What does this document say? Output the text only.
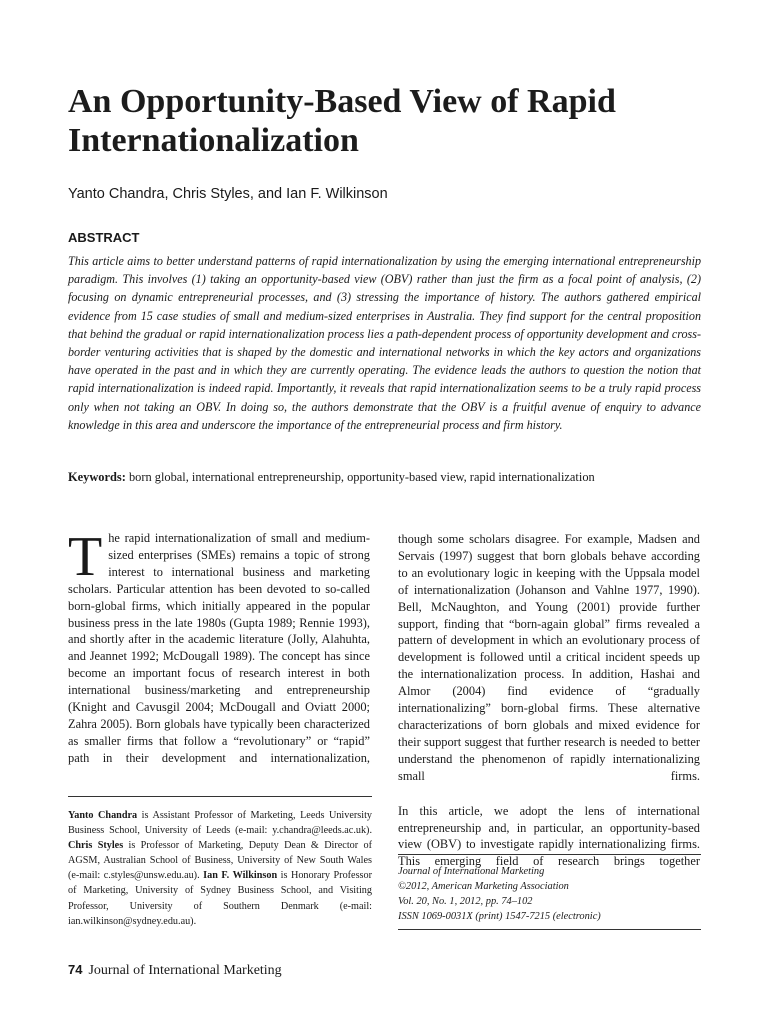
An Opportunity-Based View of Rapid Internationalization
Yanto Chandra, Chris Styles, and Ian F. Wilkinson
ABSTRACT

This article aims to better understand patterns of rapid internationalization by using the emerging international entrepreneurship paradigm. This involves (1) taking an opportunity-based view (OBV) rather than just the firm as a focal point of analysis, (2) focusing on dynamic entrepreneurial processes, and (3) stressing the importance of history. The authors gathered empirical evidence from 15 case studies of small and medium-sized enterprises in Australia. They find support for the central proposition that behind the gradual or rapid internationalization process lies a path-dependent process of opportunity development and cross-border venturing activities that is shaped by the domestic and international networks in which the key actors and organizations have operated in the past and in which they are currently operating. The evidence leads the authors to question the notion that rapid internationalization is indeed rapid. Importantly, it reveals that rapid internationalization seems to be a truly rapid process only when not taking an OBV. In doing so, the authors demonstrate that the OBV is a fruitful avenue of enquiry to advance knowledge in this area and underscore the importance of the entrepreneurial process and firm history.

Keywords: born global, international entrepreneurship, opportunity-based view, rapid internationalization

The rapid internationalization of small and medium-sized enterprises (SMEs) remains a topic of strong interest to international business and marketing scholars. Particular attention has been devoted to so-called born-global firms, which initially appeared in the popular business press in the late 1980s (Gupta 1989; Rennie 1993), and shortly after in the academic literature (Jolly, Alahuhta, and Jeannet 1992; McDougall 1989). The concept has since become an important focus of research interest in both international business/marketing and entrepreneurship (Knight and Cavusgil 2004; McDougall and Oviatt 2000; Zahra 2005). Born globals have typically been characterized as smaller firms that follow a “revolutionary” or “rapid” path in their development and internationalization,

though some scholars disagree. For example, Madsen and Servais (1997) suggest that born globals behave according to an evolutionary logic in keeping with the Uppsala model of internationalization (Johanson and Vahlne 1977, 1990). Bell, McNaughton, and Young (2001) provide further support, finding that “born-again global” firms revealed a pattern of development in which an evolutionary process of development is followed until a critical incident speeds up the internationalization process. In addition, Hashai and Almor (2004) find evidence of “gradually internationalizing” born-global firms. These alternative characterizations of born globals and mixed evidence for their support suggest that further research is needed to better understand the phenomenon of rapidly internationalizing small firms.

In this article, we adopt the lens of international entrepreneurship and, in particular, an opportunity-based view (OBV) to investigate rapidly internationalizing firms. This emerging field of research brings together

Yanto Chandra is Assistant Professor of Marketing, Leeds University Business School, University of Leeds (e-mail: y.chandra@leeds.ac.uk). Chris Styles is Professor of Marketing, Deputy Dean & Director of AGSM, Australian School of Business, University of New South Wales (e-mail: c.styles@unsw.edu.au). Ian F. Wilkinson is Honorary Professor of Marketing, University of Sydney Business School, and Visiting Professor, University of Southern Denmark (e-mail: ian.wilkinson@sydney.edu.au).
Journal of International Marketing
©2012, American Marketing Association
Vol. 20, No. 1, 2012, pp. 74–102
ISSN 1069-0031X (print) 1547-7215 (electronic)
74 Journal of International Marketing
